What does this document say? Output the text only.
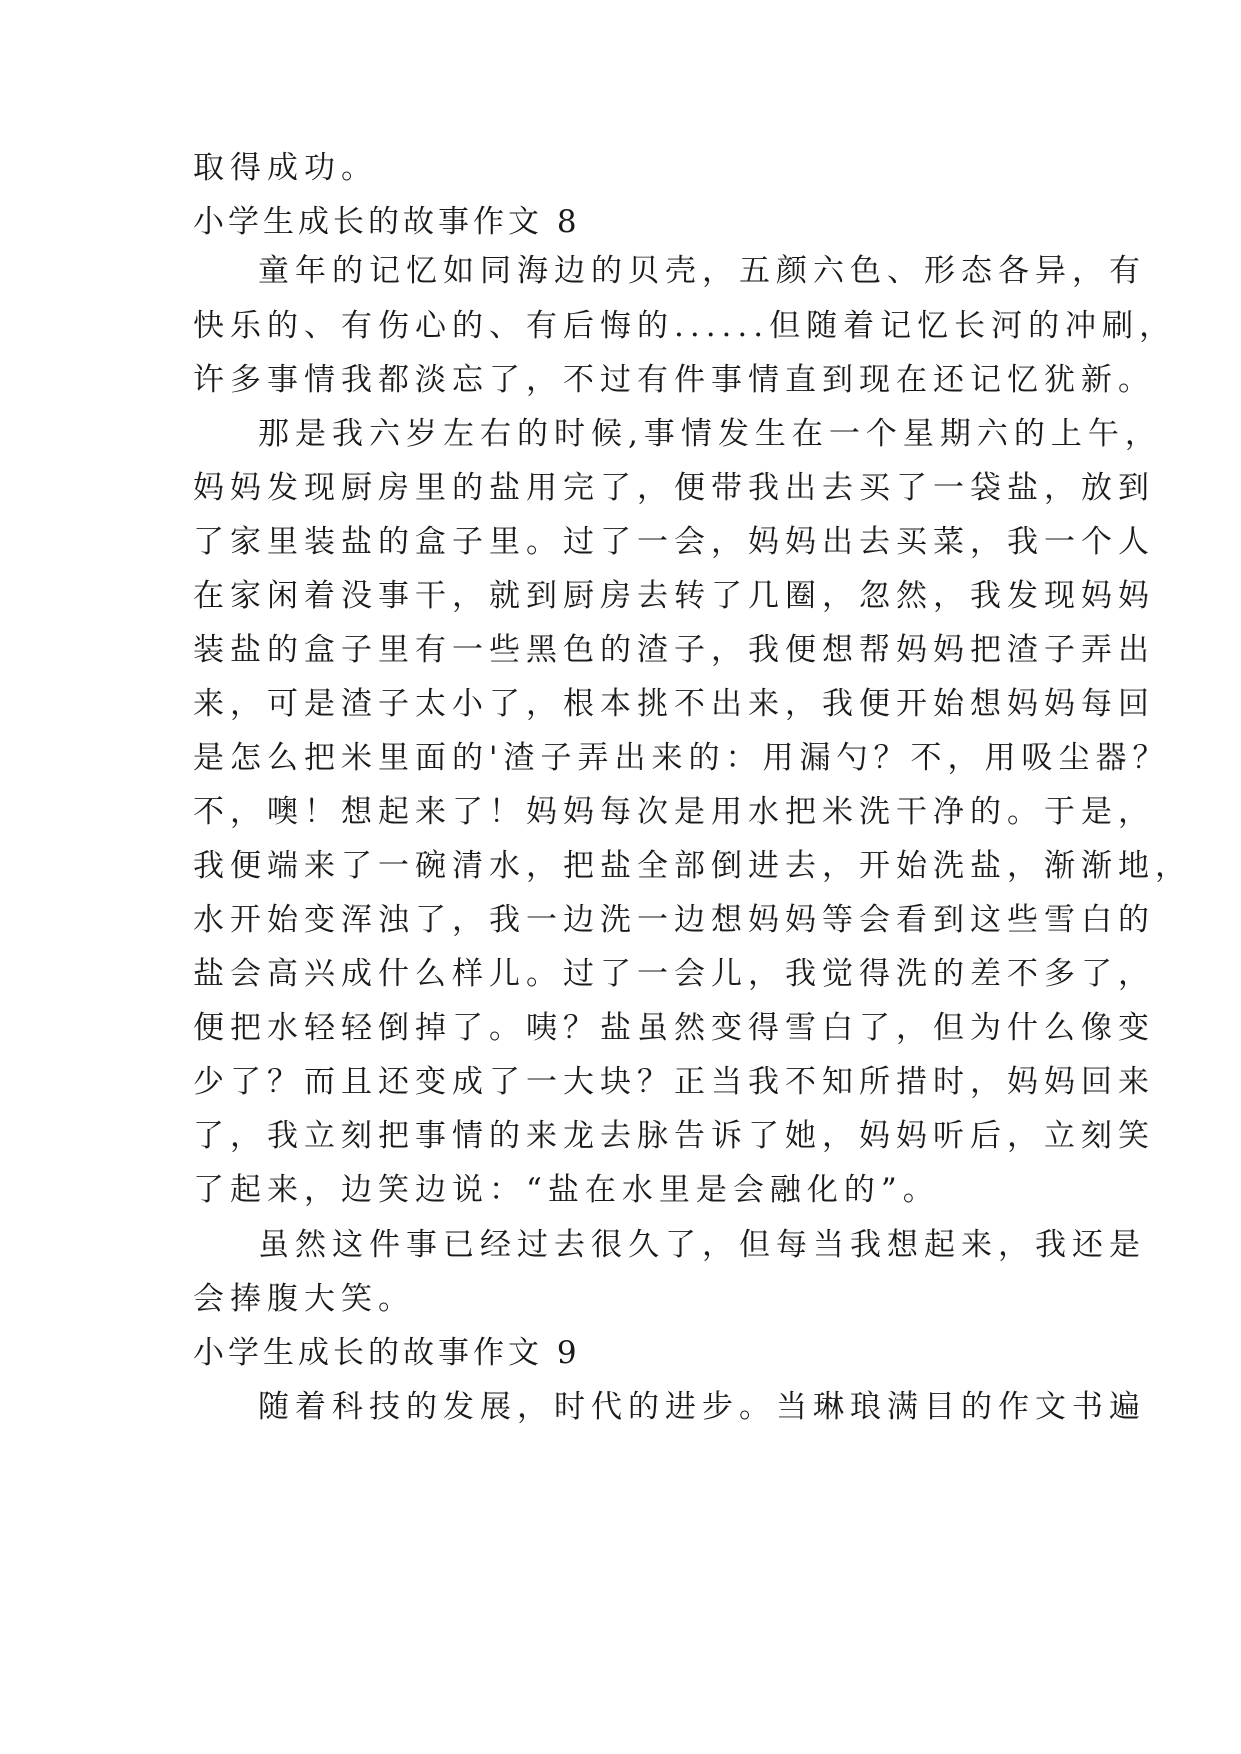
取得成功。
小学生成长的故事作文 8
童年的记忆如同海边的贝壳，五颜六色、形态各异，有
快乐的、有伤心的、有后悔的......但随着记忆长河的冲刷，
许多事情我都淡忘了，不过有件事情直到现在还记忆犹新。
那是我六岁左右的时候,事情发生在一个星期六的上午，
妈妈发现厨房里的盐用完了，便带我出去买了一袋盐，放到
了家里装盐的盒子里。过了一会，妈妈出去买菜，我一个人
在家闲着没事干，就到厨房去转了几圈，忽然，我发现妈妈
装盐的盒子里有一些黑色的渣子，我便想帮妈妈把渣子弄出
来，可是渣子太小了，根本挑不出来，我便开始想妈妈每回
是怎么把米里面的'渣子弄出来的：用漏勺？不，用吸尘器？
不，噢！想起来了！妈妈每次是用水把米洗干净的。于是，
我便端来了一碗清水，把盐全部倒进去，开始洗盐，渐渐地，
水开始变浑浊了，我一边洗一边想妈妈等会看到这些雪白的
盐会高兴成什么样儿。过了一会儿，我觉得洗的差不多了，
便把水轻轻倒掉了。咦？盐虽然变得雪白了，但为什么像变
少了？而且还变成了一大块？正当我不知所措时，妈妈回来
了，我立刻把事情的来龙去脉告诉了她，妈妈听后，立刻笑
了起来，边笑边说：“盐在水里是会融化的”。
虽然这件事已经过去很久了，但每当我想起来，我还是
会捧腹大笑。
小学生成长的故事作文 9
随着科技的发展，时代的进步。当琳琅满目的作文书遍
